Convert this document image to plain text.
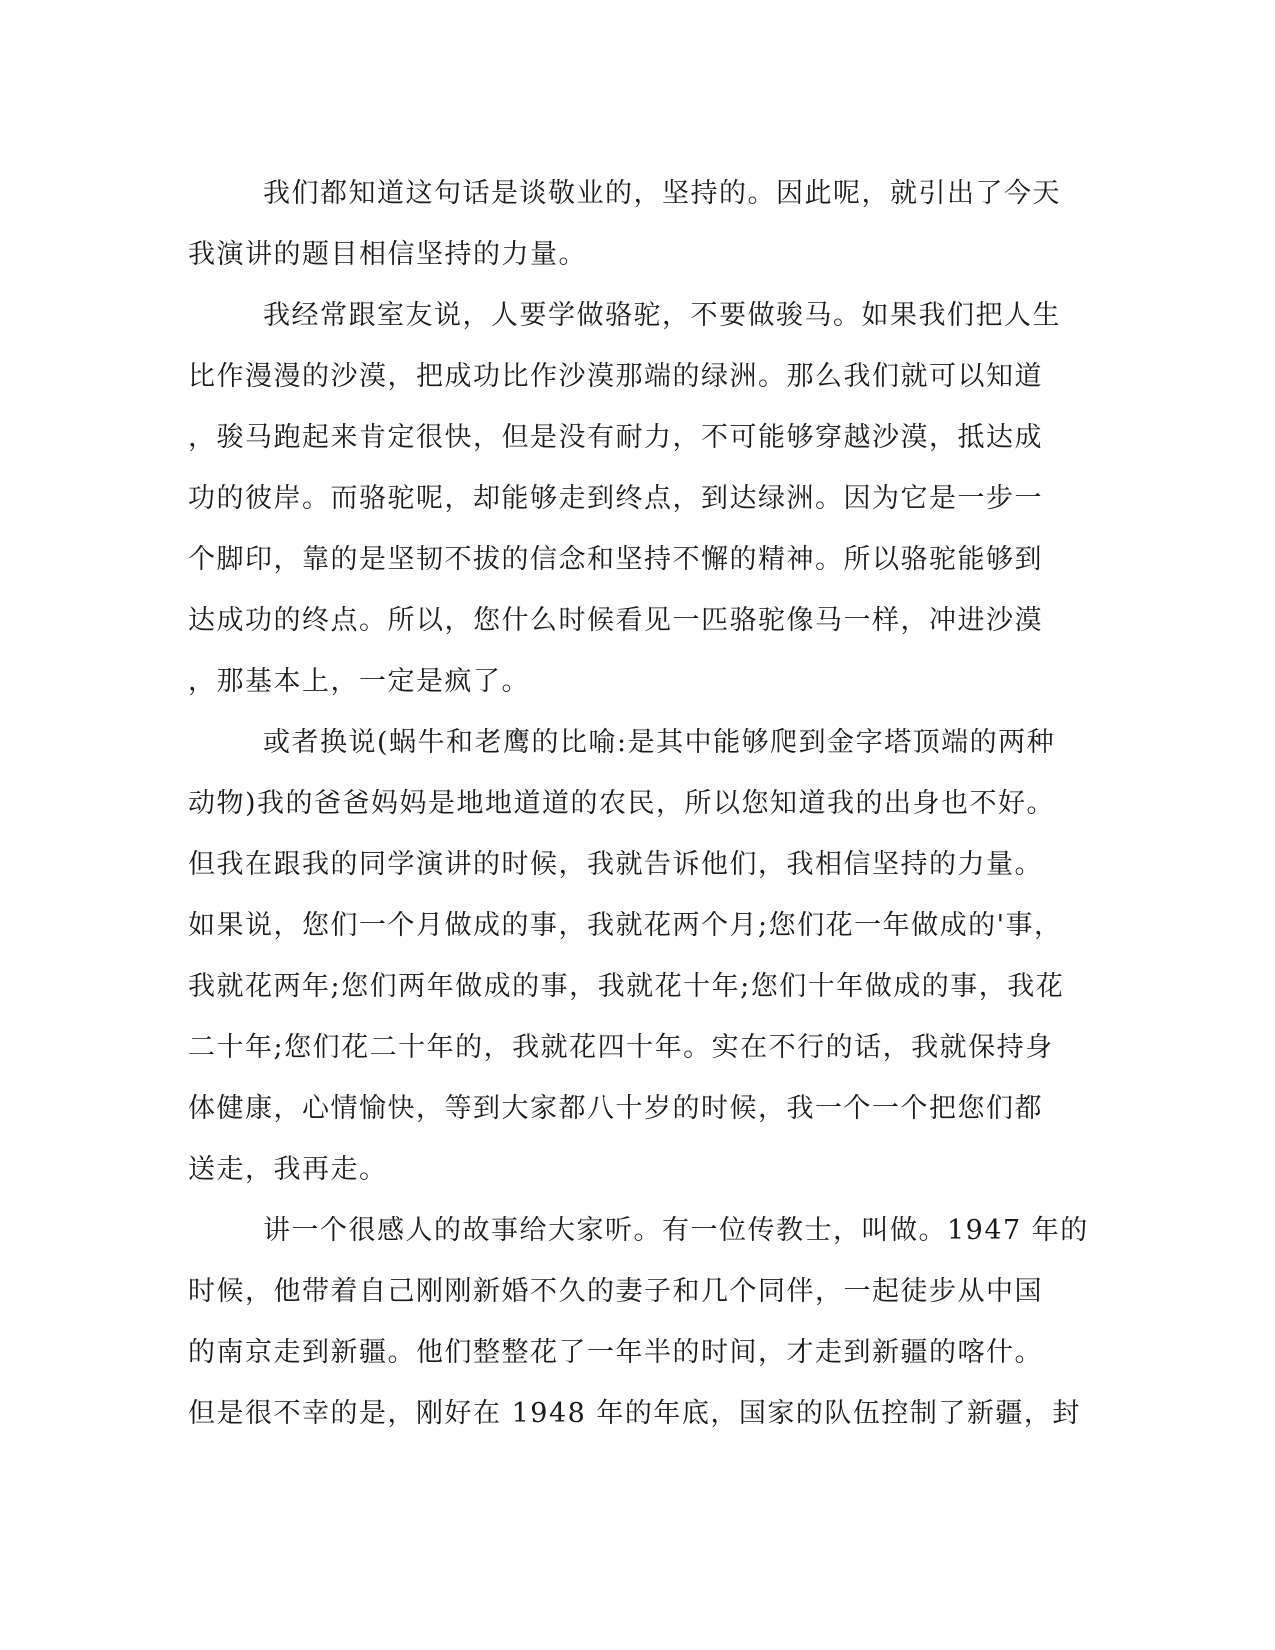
我们都知道这句话是谈敬业的，坚持的。因此呢，就引出了今天
我演讲的题目相信坚持的力量。
我经常跟室友说，人要学做骆驼，不要做骏马。如果我们把人生
比作漫漫的沙漠，把成功比作沙漠那端的绿洲。那么我们就可以知道
，骏马跑起来肯定很快，但是没有耐力，不可能够穿越沙漠，抵达成
功的彼岸。而骆驼呢，却能够走到终点，到达绿洲。因为它是一步一
个脚印，靠的是坚韧不拔的信念和坚持不懈的精神。所以骆驼能够到
达成功的终点。所以，您什么时候看见一匹骆驼像马一样，冲进沙漠
，那基本上，一定是疯了。
或者换说(蜗牛和老鹰的比喻:是其中能够爬到金字塔顶端的两种
动物)我的爸爸妈妈是地地道道的农民，所以您知道我的出身也不好。
但我在跟我的同学演讲的时候，我就告诉他们，我相信坚持的力量。
如果说，您们一个月做成的事，我就花两个月;您们花一年做成的'事，
我就花两年;您们两年做成的事，我就花十年;您们十年做成的事，我花
二十年;您们花二十年的，我就花四十年。实在不行的话，我就保持身
体健康，心情愉快，等到大家都八十岁的时候，我一个一个把您们都
送走，我再走。
讲一个很感人的故事给大家听。有一位传教士，叫做。1947 年的
时候，他带着自己刚刚新婚不久的妻子和几个同伴，一起徒步从中国
的南京走到新疆。他们整整花了一年半的时间，才走到新疆的喀什。
但是很不幸的是，刚好在 1948 年的年底，国家的队伍控制了新疆，封
